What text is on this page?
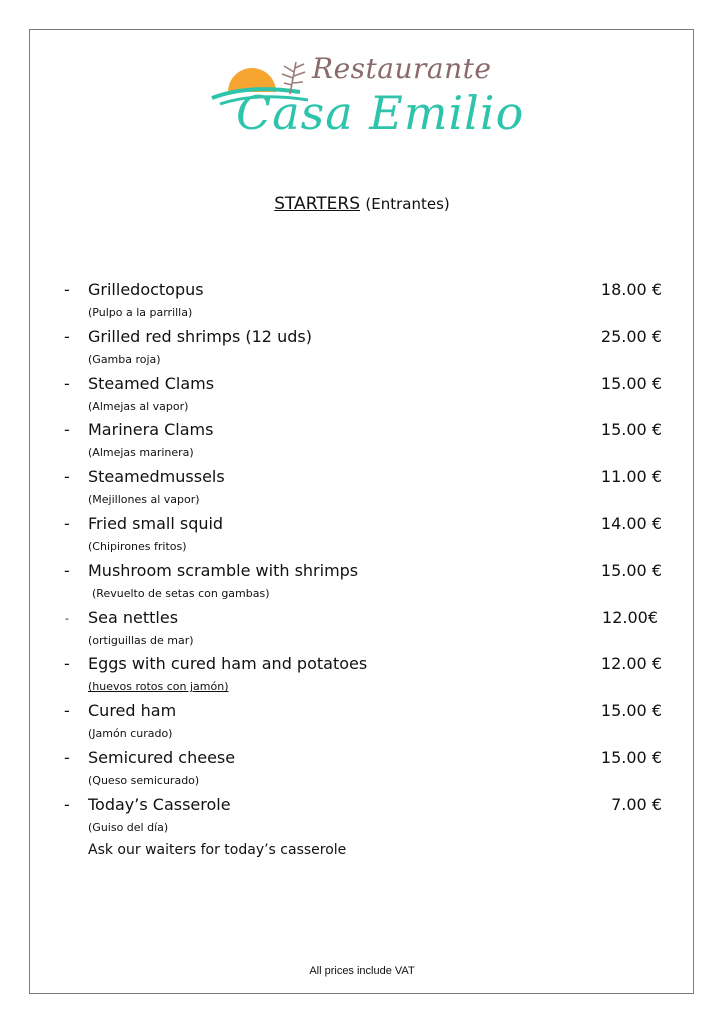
Restaurante
Casa Emilio
STARTERS (Entrantes)
- Grilledoctopus
(Pulpo a la parrilla)
18.00 €
- Grilled red shrimps (12 uds)
(Gamba roja)
25.00 €
- Steamed Clams
(Almejas al vapor)
15.00 €
- Marinera Clams
(Almejas marinera)
15.00 €
- Steamedmussels
(Mejillones al vapor)
11.00 €
- Fried small squid
(Chipirones fritos)
14.00 €
- Mushroom scramble with shrimps
(Revuelto de setas con gambas)
15.00 €
- Sea nettles
(ortiguillas de mar)
12.00€
- Eggs with cured ham and potatoes
(huevos rotos con jamón)
12.00 €
- Cured ham
(Jamón curado)
15.00 €
- Semicured cheese
(Queso semicurado)
15.00 €
- Today’s Casserole
(Guiso del día)
7.00 €
Ask our waiters for today’s casserole
All prices include VAT
